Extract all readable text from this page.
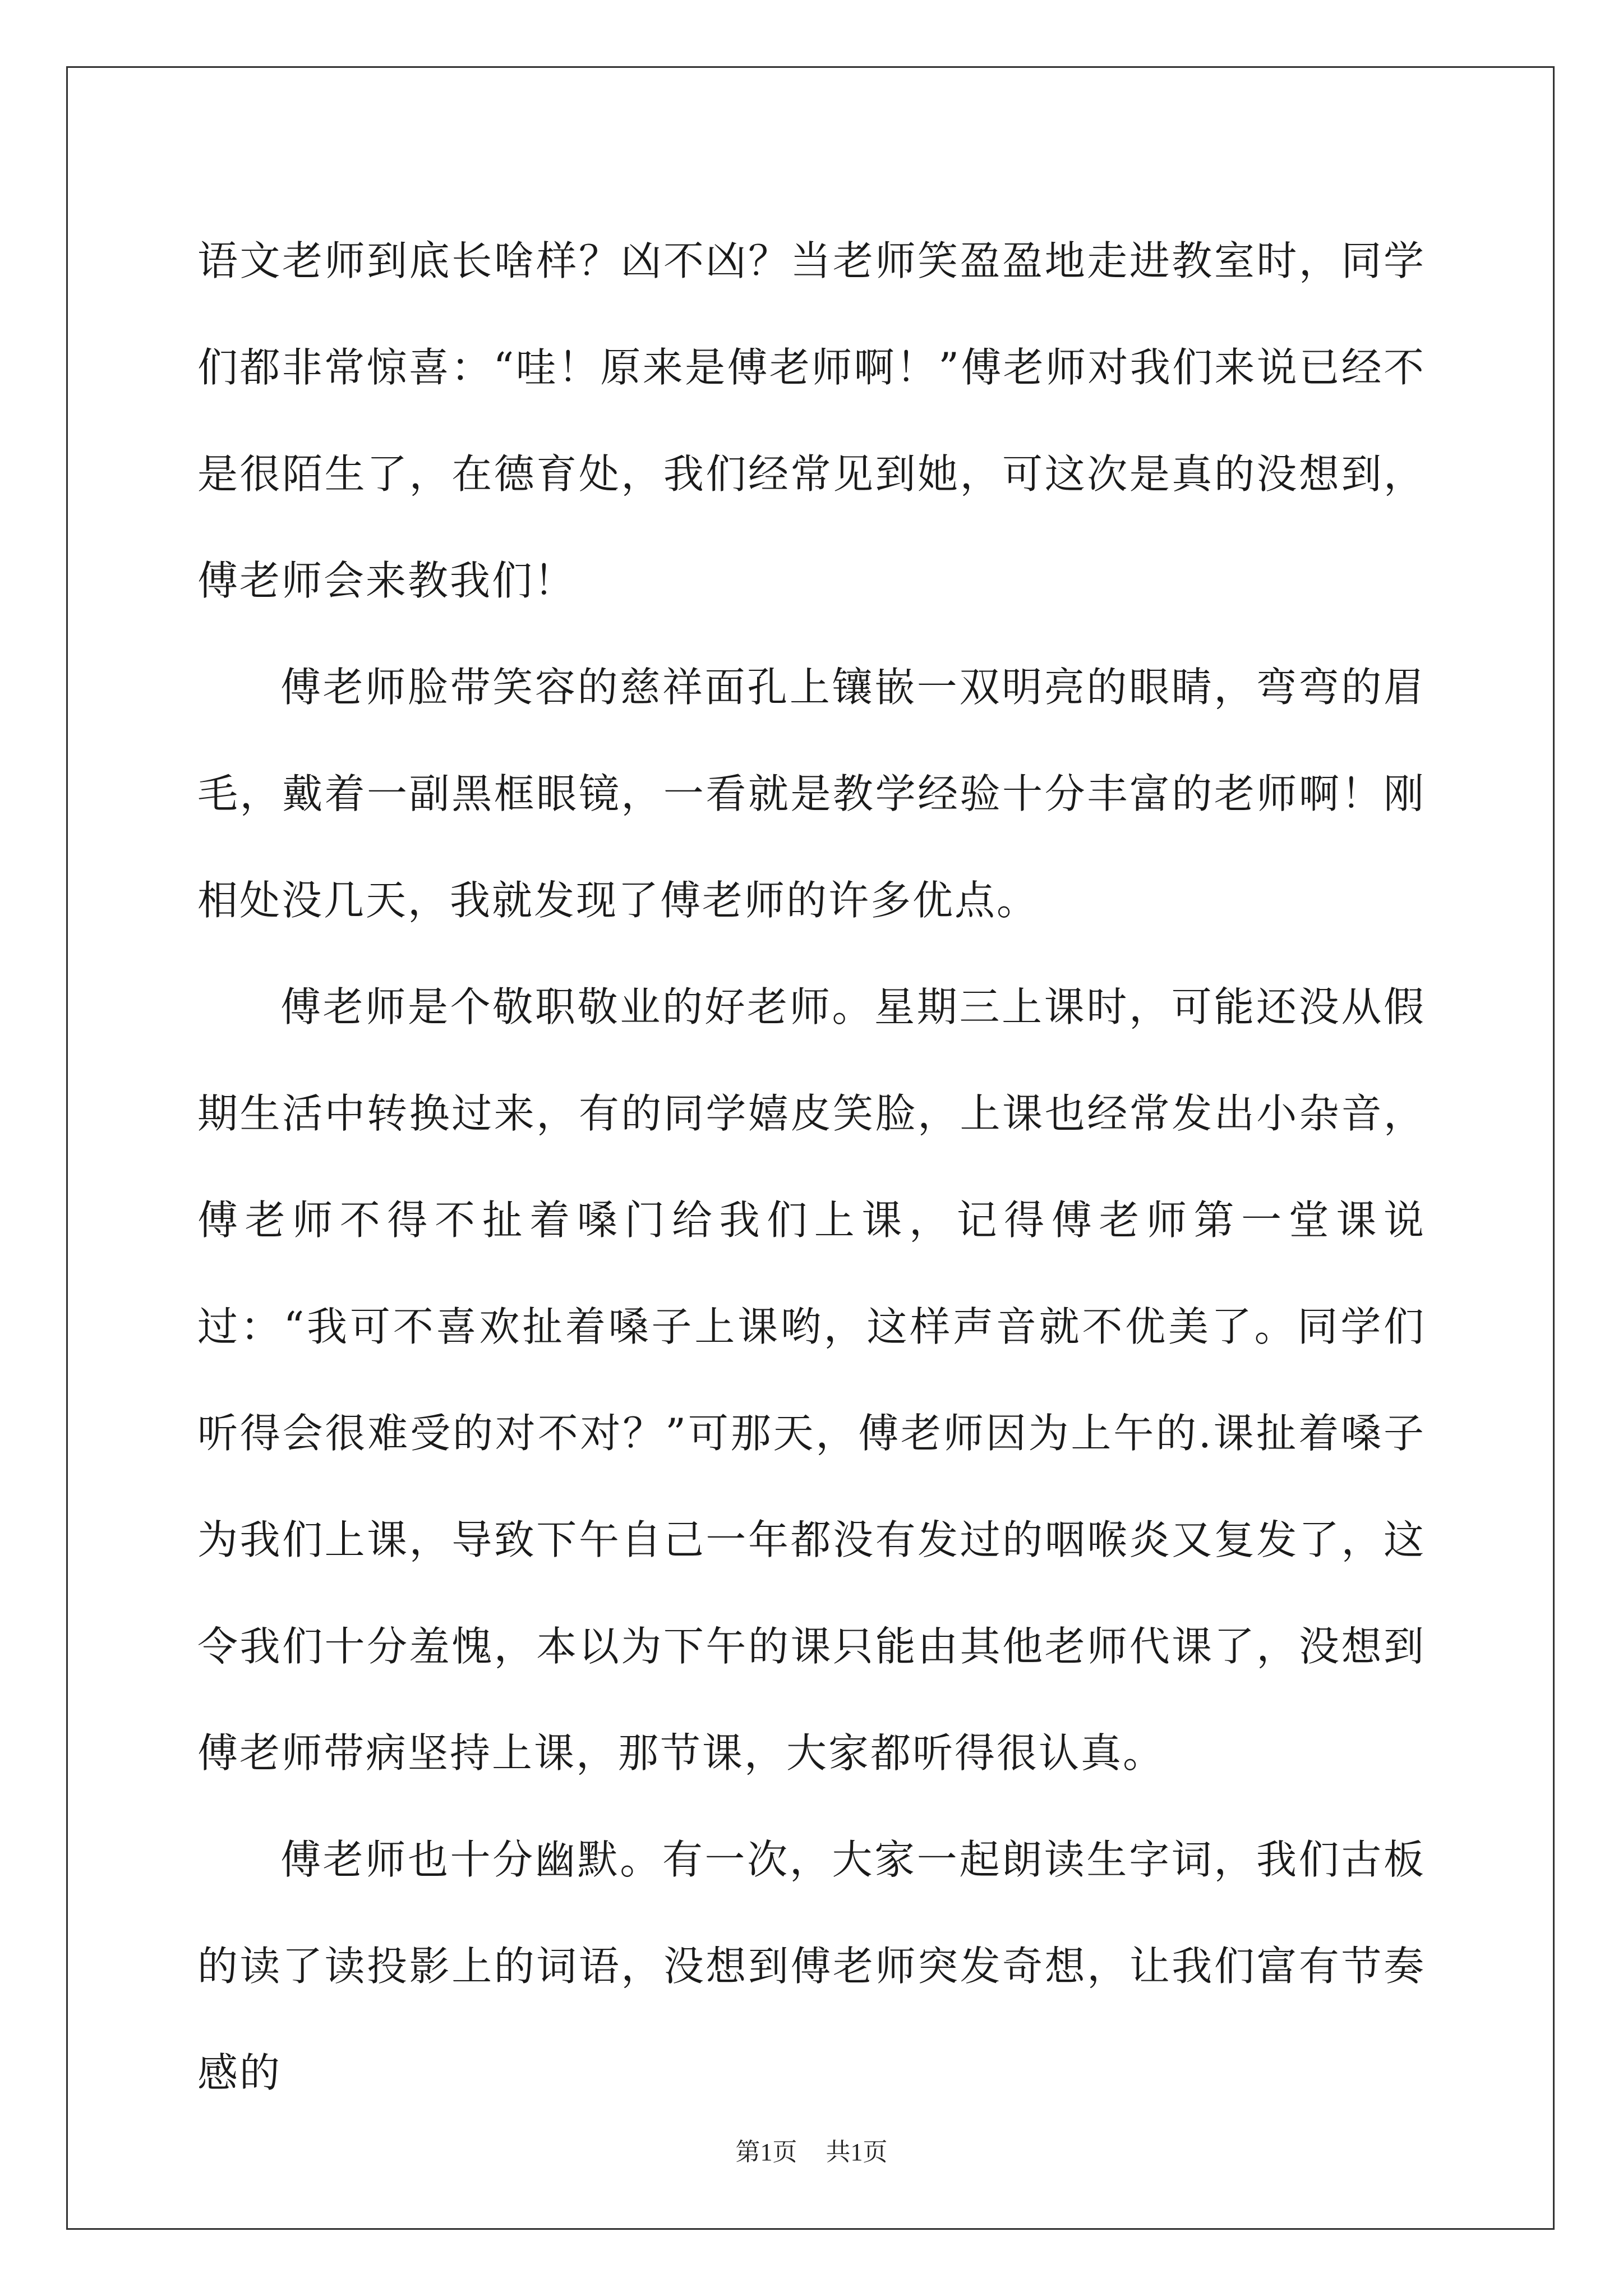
语文老师到底长啥样？凶不凶？当老师笑盈盈地走进教室时，同学们都非常惊喜：“哇！原来是傅老师啊！”傅老师对我们来说已经不是很陌生了，在德育处，我们经常见到她，可这次是真的没想到，傅老师会来教我们！

傅老师脸带笑容的慈祥面孔上镶嵌一双明亮的眼睛，弯弯的眉毛，戴着一副黑框眼镜，一看就是教学经验十分丰富的老师啊！刚相处没几天，我就发现了傅老师的许多优点。

傅老师是个敬职敬业的好老师。星期三上课时，可能还没从假期生活中转换过来，有的同学嬉皮笑脸，上课也经常发出小杂音，傅老师不得不扯着嗓门给我们上课，记得傅老师第一堂课说过：“我可不喜欢扯着嗓子上课哟，这样声音就不优美了。同学们听得会很难受的对不对？”可那天，傅老师因为上午的.课扯着嗓子为我们上课，导致下午自己一年都没有发过的咽喉炎又复发了，这令我们十分羞愧，本以为下午的课只能由其他老师代课了，没想到傅老师带病坚持上课，那节课，大家都听得很认真。

傅老师也十分幽默。有一次，大家一起朗读生字词，我们古板的读了读投影上的词语，没想到傅老师突发奇想，让我们富有节奏感的

第1页 共1页
